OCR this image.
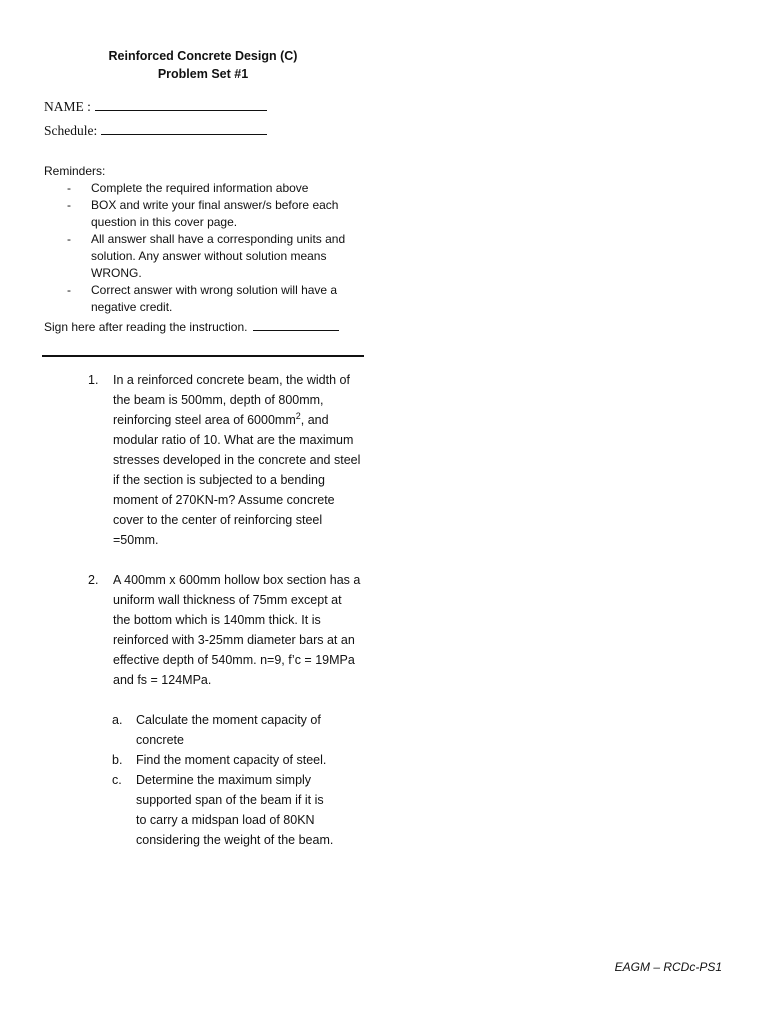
Reinforced Concrete Design (C)
Problem Set #1
NAME :
Schedule:
Reminders:
- Complete the required information above
- BOX and write your final answer/s before each question in this cover page.
- All answer shall have a corresponding units and solution. Any answer without solution means WRONG.
- Correct answer with wrong solution will have a negative credit.
Sign here after reading the instruction.
1. In a reinforced concrete beam, the width of the beam is 500mm, depth of 800mm, reinforcing steel area of $6000mm^2$, and modular ratio of 10. What are the maximum stresses developed in the concrete and steel if the section is subjected to a bending moment of 270KN-m? Assume concrete cover to the center of reinforcing steel =50mm.
2. A 400mm x 600mm hollow box section has a uniform wall thickness of 75mm except at the bottom which is 140mm thick. It is reinforced with 3-25mm diameter bars at an effective depth of 540mm. n=9, f’c = 19MPa and fs = 124MPa.
a. Calculate the moment capacity of concrete
b. Find the moment capacity of steel.
c. Determine the maximum simply supported span of the beam if it is to carry a midspan load of 80KN considering the weight of the beam.
EAGM – RCDc-PS1
